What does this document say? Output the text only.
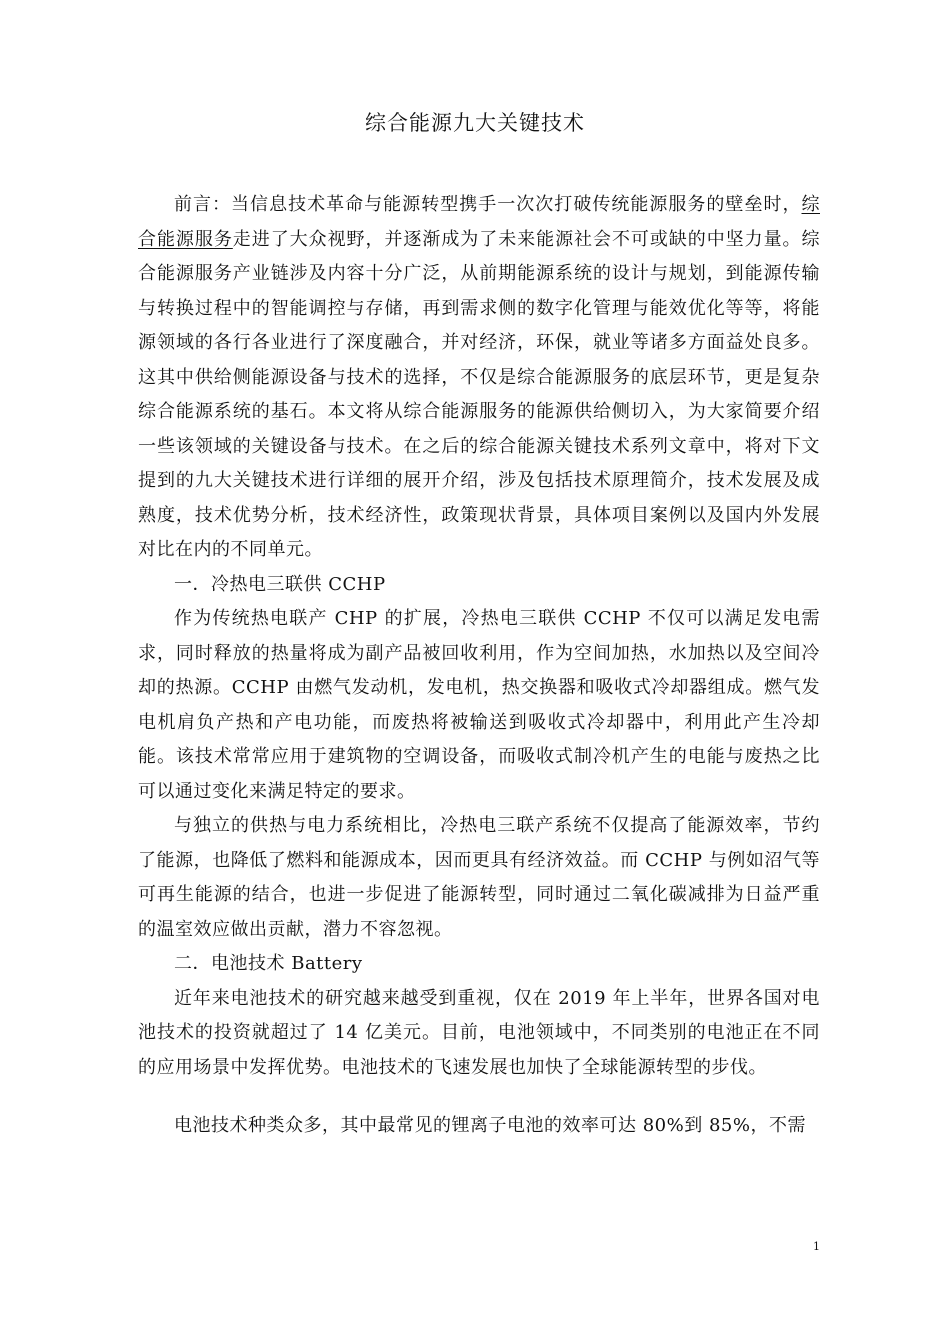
综合能源九大关键技术

前言：当信息技术革命与能源转型携手一次次打破传统能源服务的壁垒时，综合能源服务走进了大众视野，并逐渐成为了未来能源社会不可或缺的中坚力量。综合能源服务产业链涉及内容十分广泛，从前期能源系统的设计与规划，到能源传输与转换过程中的智能调控与存储，再到需求侧的数字化管理与能效优化等等，将能源领域的各行各业进行了深度融合，并对经济，环保，就业等诸多方面益处良多。这其中供给侧能源设备与技术的选择，不仅是综合能源服务的底层环节，更是复杂综合能源系统的基石。本文将从综合能源服务的能源供给侧切入，为大家简要介绍一些该领域的关键设备与技术。在之后的综合能源关键技术系列文章中，将对下文提到的九大关键技术进行详细的展开介绍，涉及包括技术原理简介，技术发展及成熟度，技术优势分析，技术经济性，政策现状背景，具体项目案例以及国内外发展对比在内的不同单元。

一．冷热电三联供 CCHP

作为传统热电联产 CHP 的扩展，冷热电三联供 CCHP 不仅可以满足发电需求，同时释放的热量将成为副产品被回收利用，作为空间加热，水加热以及空间冷却的热源。CCHP 由燃气发动机，发电机，热交换器和吸收式冷却器组成。燃气发电机肩负产热和产电功能，而废热将被输送到吸收式冷却器中，利用此产生冷却能。该技术常常应用于建筑物的空调设备，而吸收式制冷机产生的电能与废热之比可以通过变化来满足特定的要求。

与独立的供热与电力系统相比，冷热电三联产系统不仅提高了能源效率，节约了能源，也降低了燃料和能源成本，因而更具有经济效益。而 CCHP 与例如沼气等可再生能源的结合，也进一步促进了能源转型，同时通过二氧化碳减排为日益严重的温室效应做出贡献，潜力不容忽视。

二．电池技术 Battery

近年来电池技术的研究越来越受到重视，仅在 2019 年上半年，世界各国对电池技术的投资就超过了 14 亿美元。目前，电池领域中，不同类别的电池正在不同的应用场景中发挥优势。电池技术的飞速发展也加快了全球能源转型的步伐。

电池技术种类众多，其中最常见的锂离子电池的效率可达 80%到 85%，不需

1
